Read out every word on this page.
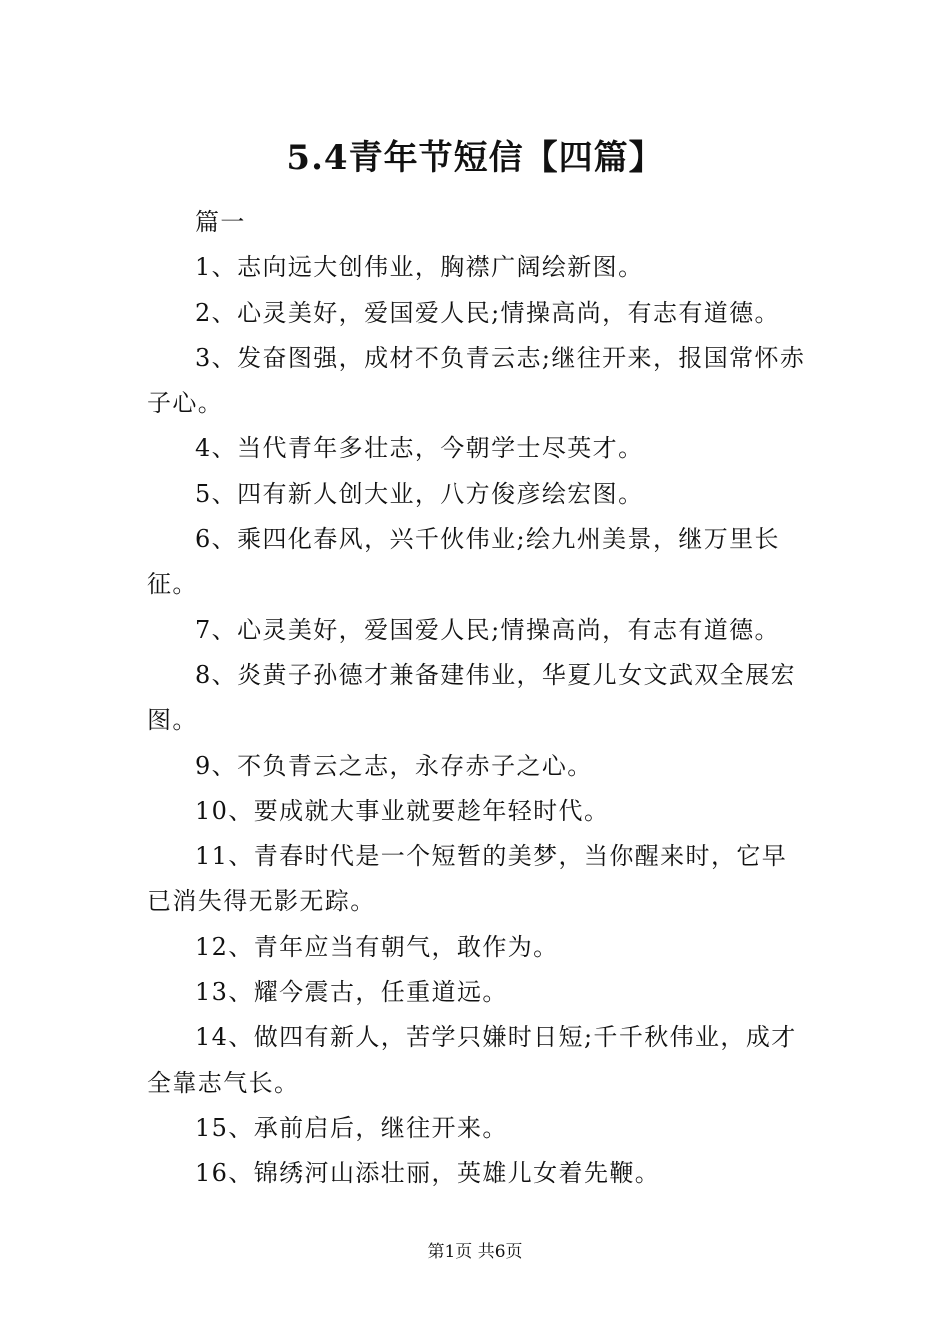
5.4青年节短信【四篇】

篇一

1、志向远大创伟业，胸襟广阔绘新图。

2、心灵美好，爱国爱人民;情操高尚，有志有道德。

3、发奋图强，成材不负青云志;继往开来，报国常怀赤子心。

4、当代青年多壮志，今朝学士尽英才。

5、四有新人创大业，八方俊彦绘宏图。

6、乘四化春风，兴千伙伟业;绘九州美景，继万里长征。

7、心灵美好，爱国爱人民;情操高尚，有志有道德。

8、炎黄子孙德才兼备建伟业，华夏儿女文武双全展宏图。

9、不负青云之志，永存赤子之心。

10、要成就大事业就要趁年轻时代。

11、青春时代是一个短暂的美梦，当你醒来时，它早已消失得无影无踪。

12、青年应当有朝气，敢作为。

13、耀今震古，任重道远。

14、做四有新人，苦学只嫌时日短;千千秋伟业，成才全靠志气长。

15、承前启后，继往开来。

16、锦绣河山添壮丽，英雄儿女着先鞭。

第1页 共6页
